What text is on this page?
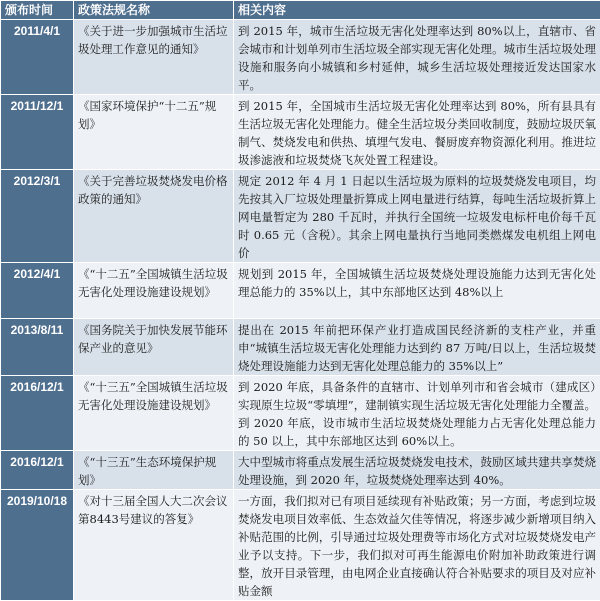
颁布时间	政策法规名称	相关内容
2011/4/1	《关于进一步加强城市生活垃圾处理工作意见的通知》	到 2015 年，城市生活垃圾无害化处理率达到 80%以上，直辖市、省会城市和计划单列市生活垃圾全部实现无害化处理。城市生活垃圾处理设施和服务向小城镇和乡村延伸，城乡生活垃圾处理接近发达国家水平。
2011/12/1	《国家环境保护“十二五”规划》	到 2015 年，全国城市生活垃圾无害化处理率达到 80%，所有县具有生活垃圾无害化处理能力。健全生活垃圾分类回收制度，鼓励垃圾厌氧制气、焚烧发电和供热、填埋气发电、餐厨废弃物资源化利用。推进垃圾渗滤液和垃圾焚烧飞灰处置工程建设。
2012/3/1	《关于完善垃圾焚烧发电价格政策的通知》	规定 2012 年 4 月 1 日起以生活垃圾为原料的垃圾焚烧发电项目，均先按其入厂垃圾处理量折算成上网电量进行结算，每吨生活垃圾折算上网电量暂定为 280 千瓦时，并执行全国统一垃圾发电标杆电价每千瓦时 0.65 元（含税）。其余上网电量执行当地同类燃煤发电机组上网电价
2012/4/1	《“十二五”全国城镇生活垃圾无害化处理设施建设规划》	规划到 2015 年，全国城镇生活垃圾焚烧处理设施能力达到无害化处理总能力的 35%以上，其中东部地区达到 48%以上
2013/8/11	《国务院关于加快发展节能环保产业的意见》	提出在 2015 年前把环保产业打造成国民经济新的支柱产业，并重申“城镇生活垃圾无害化处理能力达到约 87 万吨/日以上，生活垃圾焚烧处理设施能力达到无害化处理总能力的 35%以上”
2016/12/1	《“十三五”全国城镇生活垃圾无害化处理设施建设规划》	到 2020 年底，具备条件的直辖市、计划单列市和省会城市（建成区）实现原生垃圾“零填埋”，建制镇实现生活垃圾无害化处理能力全覆盖。到 2020 年底，设市城市生活垃圾焚烧处理能力占无害化处理总能力的 50 以上，其中东部地区达到 60%以上。
2016/12/1	《“十三五”生态环境保护规划》	大中型城市将重点发展生活垃圾焚烧发电技术，鼓励区域共建共享焚烧处理设施，到 2020 年，垃圾焚烧处理率达到 40%。
2019/10/18	《对十三届全国人大二次会议第8443号建议的答复》	一方面，我们拟对已有项目延续现有补贴政策；另一方面，考虑到垃圾焚烧发电项目效率低、生态效益欠佳等情况，将逐步减少新增项目纳入补贴范围的比例，引导通过垃圾处理费等市场化方式对垃圾焚烧发电产业予以支持。下一步，我们拟对可再生能源电价附加补助政策进行调整，放开目录管理，由电网企业直接确认符合补贴要求的项目及对应补贴金额
